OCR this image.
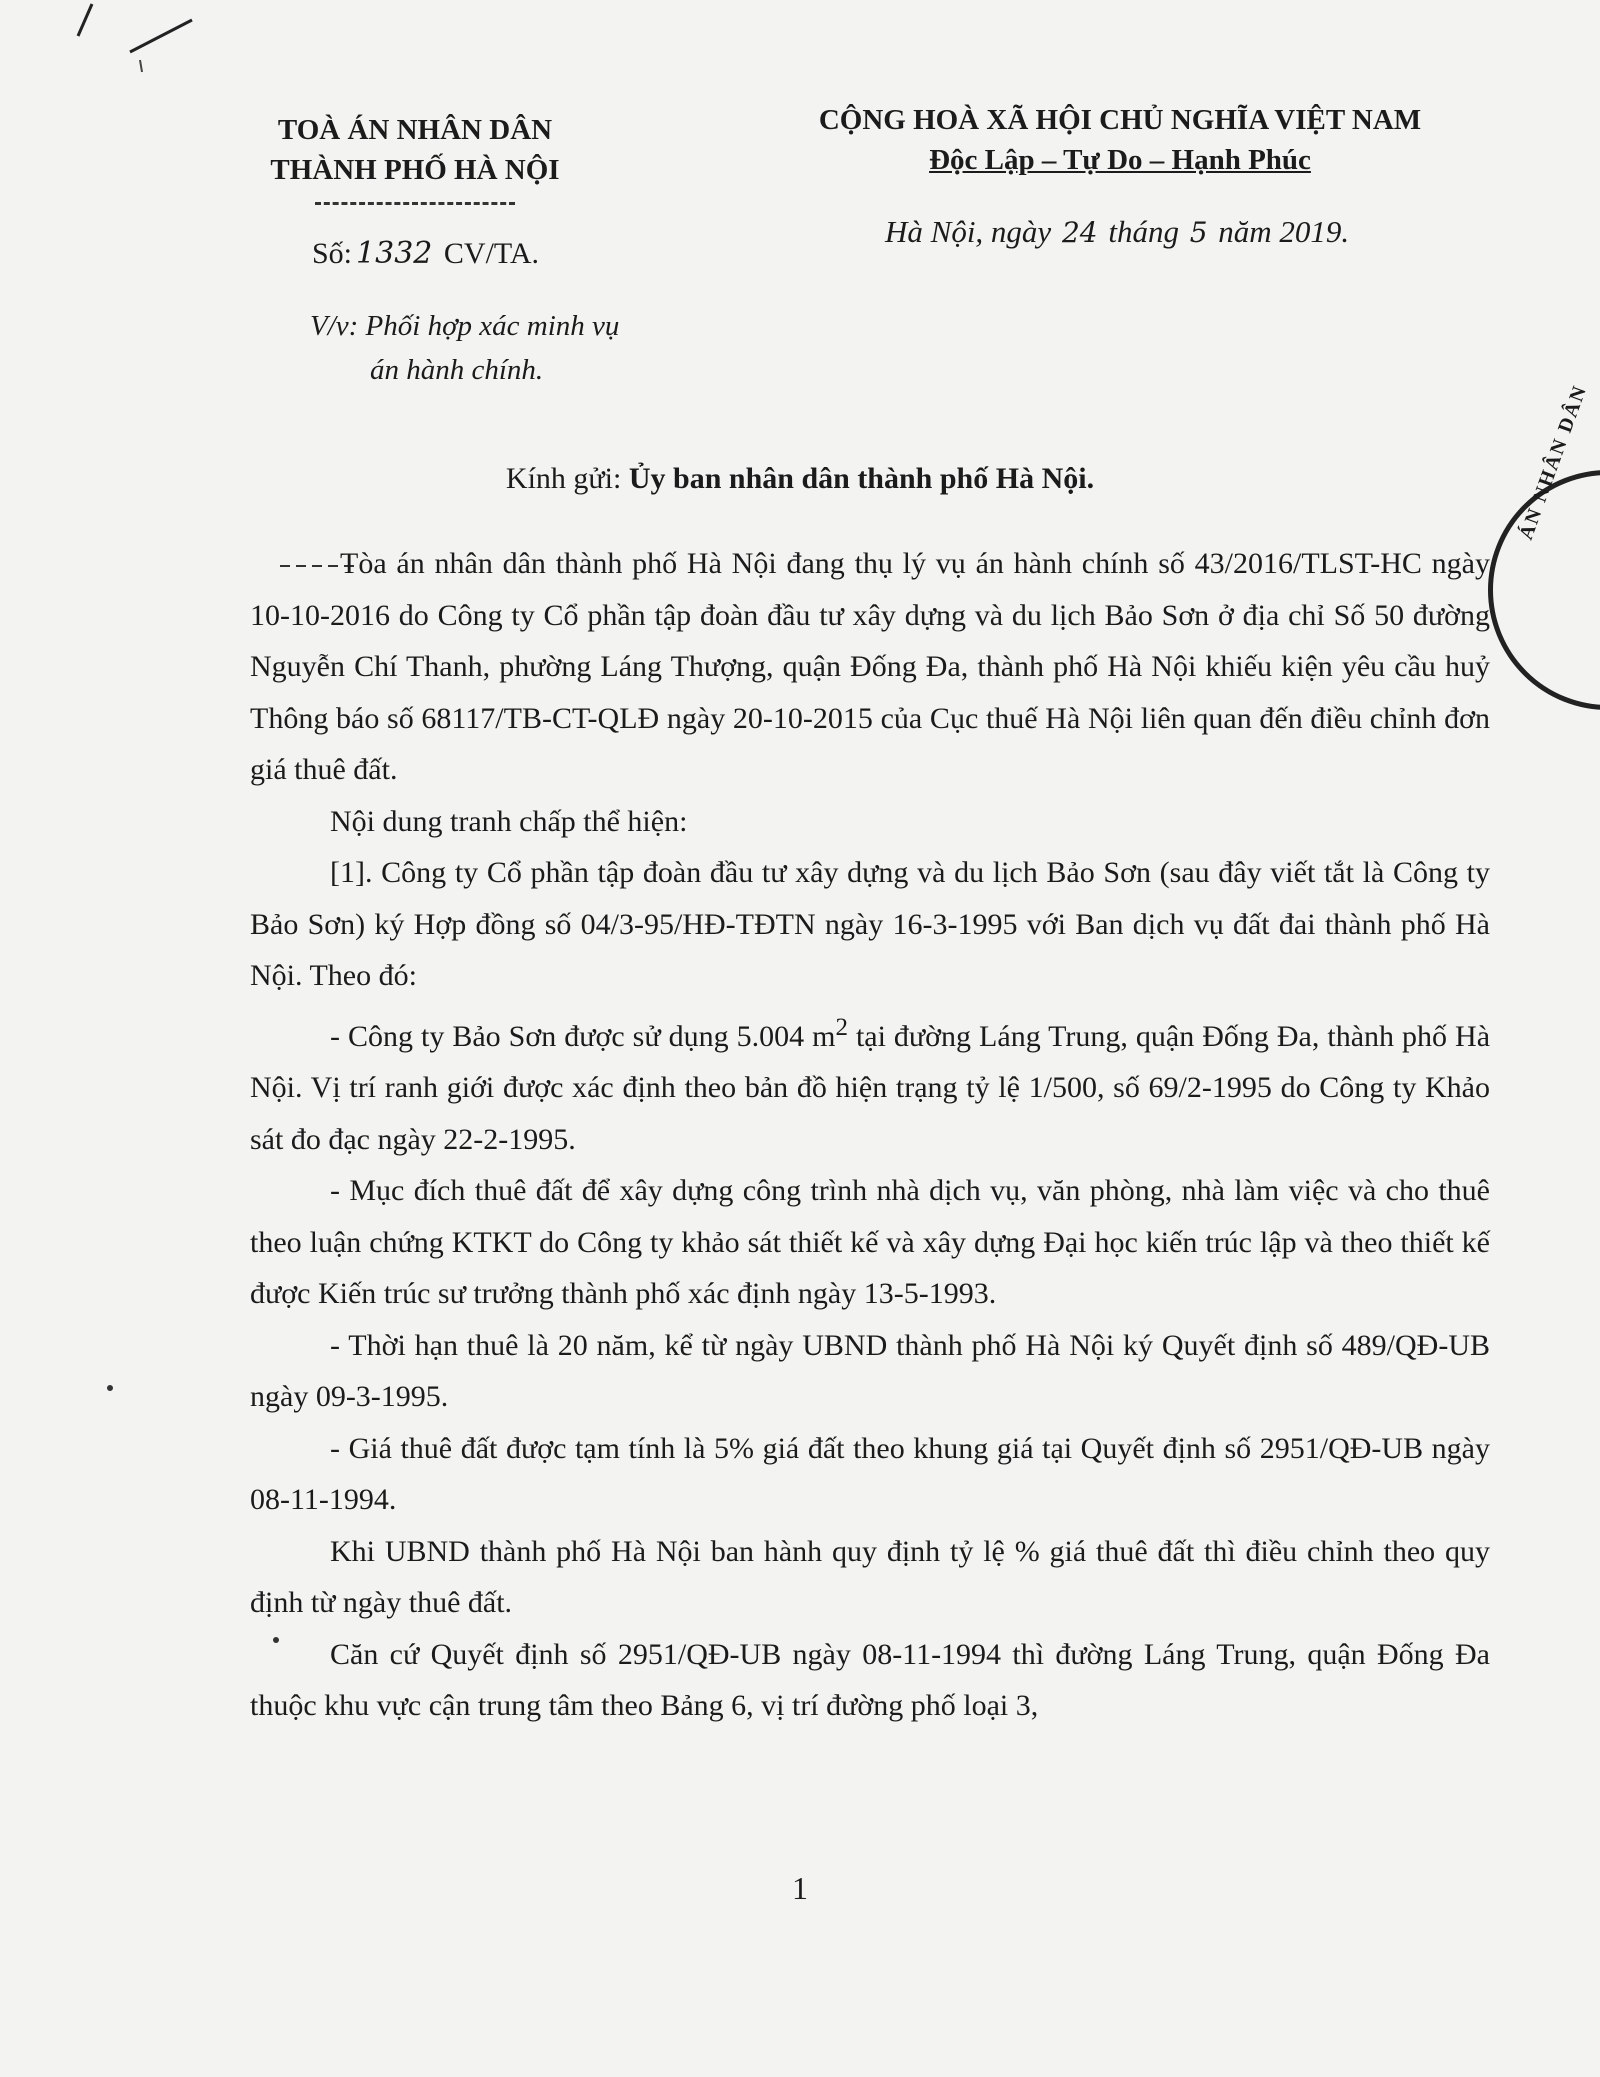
TOÀ ÁN NHÂN DÂN
THÀNH PHỐ HÀ NỘI
Số: 1332 CV/TA.
V/v: Phối hợp xác minh vụ
án hành chính.
CỘNG HOÀ XÃ HỘI CHỦ NGHĨA VIỆT NAM
Độc Lập – Tự Do – Hạnh Phúc
Hà Nội, ngày 24 tháng 5 năm 2019.
Kính gửi: Ủy ban nhân dân thành phố Hà Nội.

Tòa án nhân dân thành phố Hà Nội đang thụ lý vụ án hành chính số 43/2016/TLST-HC ngày 10-10-2016 do Công ty Cổ phần tập đoàn đầu tư xây dựng và du lịch Bảo Sơn ở địa chỉ Số 50 đường Nguyễn Chí Thanh, phường Láng Thượng, quận Đống Đa, thành phố Hà Nội khiếu kiện yêu cầu huỷ Thông báo số 68117/TB-CT-QLĐ ngày 20-10-2015 của Cục thuế Hà Nội liên quan đến điều chỉnh đơn giá thuê đất.

Nội dung tranh chấp thể hiện:

[1]. Công ty Cổ phần tập đoàn đầu tư xây dựng và du lịch Bảo Sơn (sau đây viết tắt là Công ty Bảo Sơn) ký Hợp đồng số 04/3-95/HĐ-TĐTN ngày 16-3-1995 với Ban dịch vụ đất đai thành phố Hà Nội. Theo đó:

- Công ty Bảo Sơn được sử dụng 5.004 $m^2$ tại đường Láng Trung, quận Đống Đa, thành phố Hà Nội. Vị trí ranh giới được xác định theo bản đồ hiện trạng tỷ lệ 1/500, số 69/2-1995 do Công ty Khảo sát đo đạc ngày 22-2-1995.

- Mục đích thuê đất để xây dựng công trình nhà dịch vụ, văn phòng, nhà làm việc và cho thuê theo luận chứng KTKT do Công ty khảo sát thiết kế và xây dựng Đại học kiến trúc lập và theo thiết kế được Kiến trúc sư trưởng thành phố xác định ngày 13-5-1993.

- Thời hạn thuê là 20 năm, kể từ ngày UBND thành phố Hà Nội ký Quyết định số 489/QĐ-UB ngày 09-3-1995.

- Giá thuê đất được tạm tính là 5% giá đất theo khung giá tại Quyết định số 2951/QĐ-UB ngày 08-11-1994.

Khi UBND thành phố Hà Nội ban hành quy định tỷ lệ % giá thuê đất thì điều chỉnh theo quy định từ ngày thuê đất.

Căn cứ Quyết định số 2951/QĐ-UB ngày 08-11-1994 thì đường Láng Trung, quận Đống Đa thuộc khu vực cận trung tâm theo Bảng 6, vị trí đường phố loại 3,

ÁN NHÂN DÂN
1
